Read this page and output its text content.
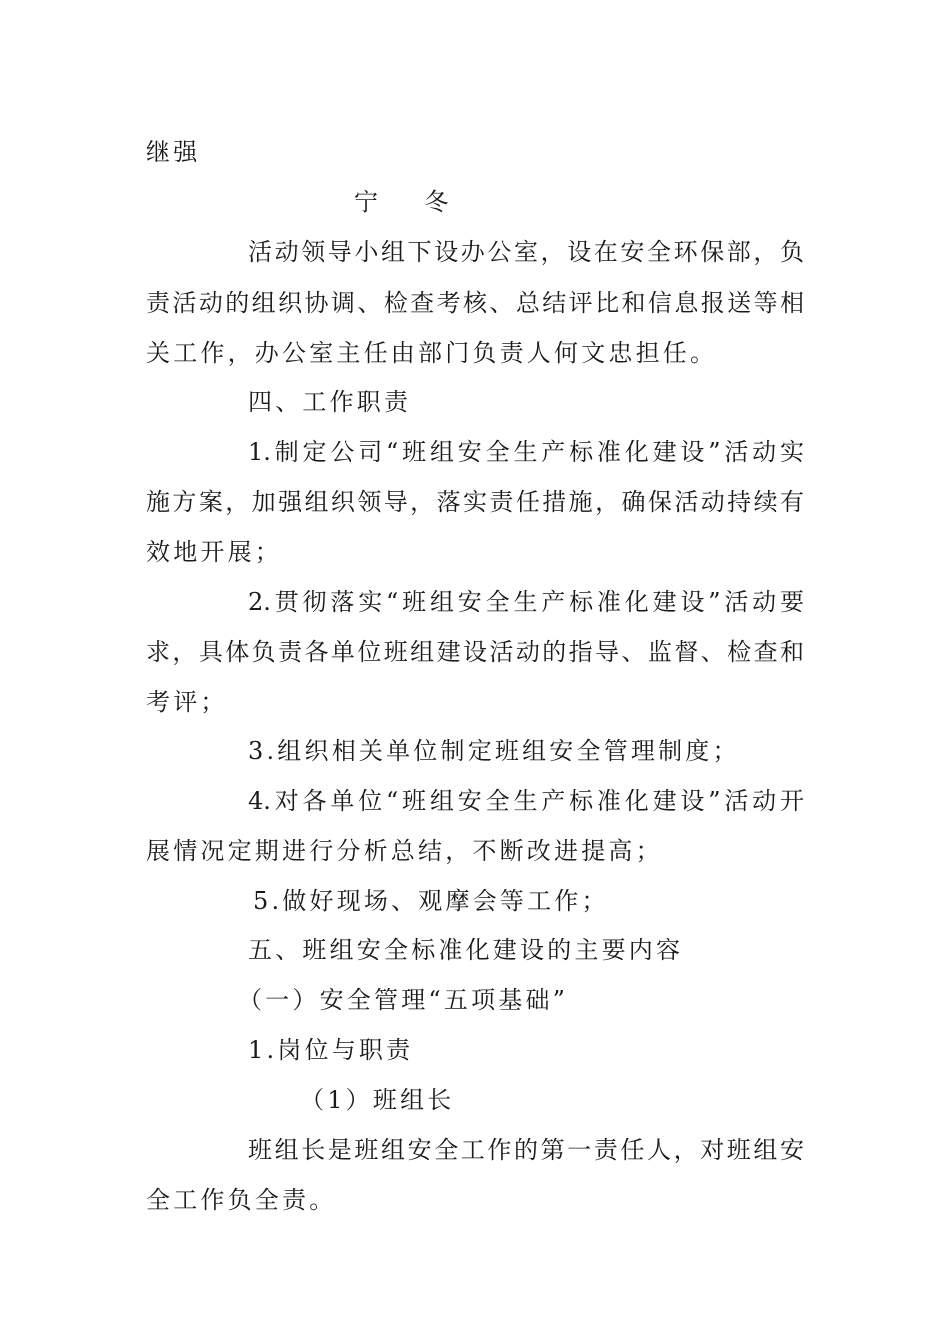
继强

宁    冬

活动领导小组下设办公室，设在安全环保部，负

责活动的组织协调、检查考核、总结评比和信息报送等相

关工作，办公室主任由部门负责人何文忠担任。

四、工作职责

1.制定公司“班组安全生产标准化建设”活动实

施方案，加强组织领导，落实责任措施，确保活动持续有

效地开展；

2.贯彻落实“班组安全生产标准化建设”活动要

求，具体负责各单位班组建设活动的指导、监督、检查和

考评；

3.组织相关单位制定班组安全管理制度；

4.对各单位“班组安全生产标准化建设”活动开

展情况定期进行分析总结，不断改进提高；

5.做好现场、观摩会等工作；

五、班组安全标准化建设的主要内容

（一）安全管理“五项基础”

1.岗位与职责

（1）班组长

班组长是班组安全工作的第一责任人，对班组安

全工作负全责。
